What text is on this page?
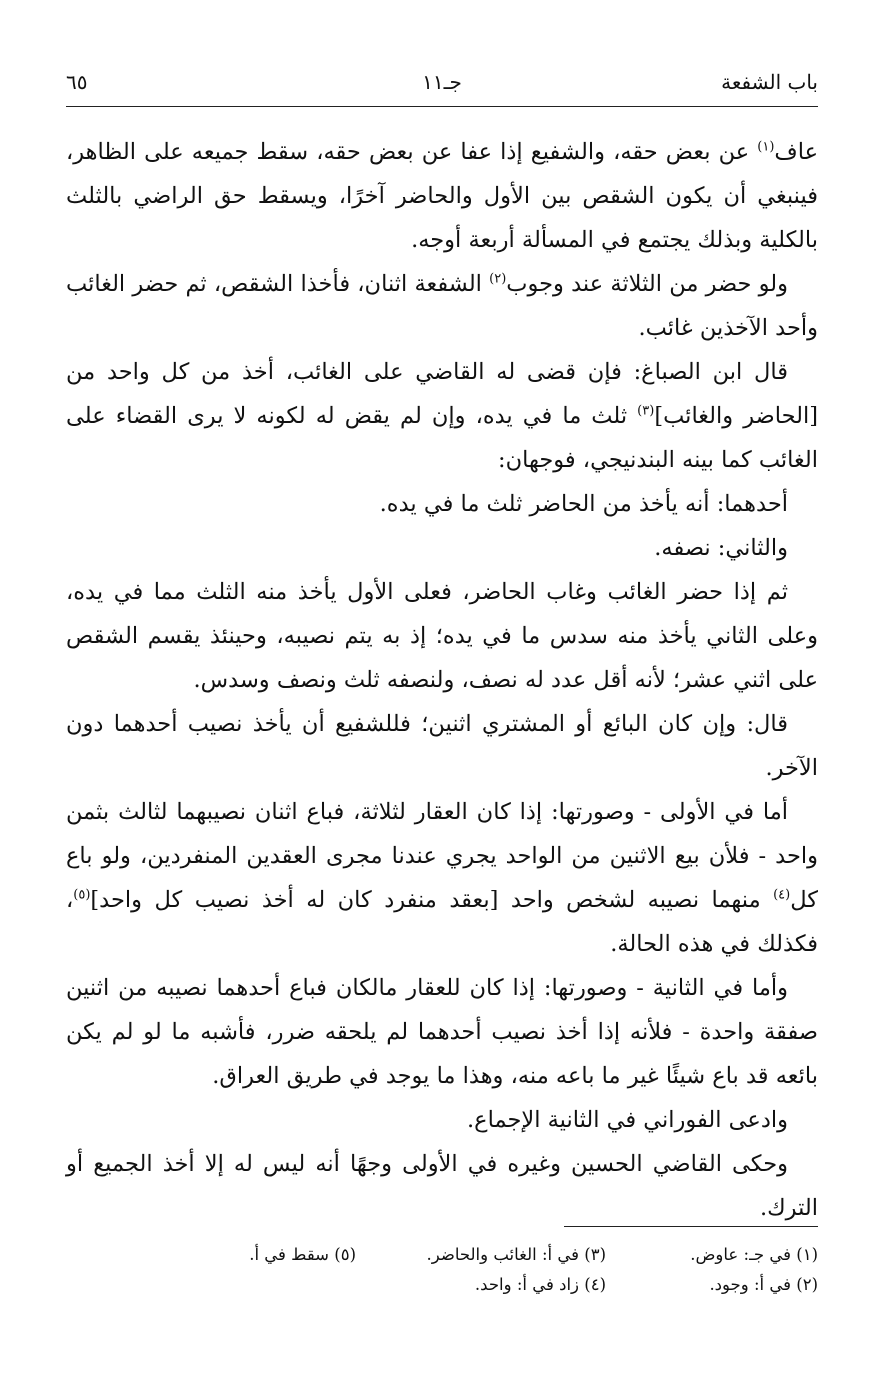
باب الشفعة
جـ١١
٦٥

عاف$^{(١)}$ عن بعض حقه، والشفيع إذا عفا عن بعض حقه، سقط جميعه على الظاهر، فينبغي أن يكون الشقص بين الأول والحاضر آخرًا، ويسقط حق الراضي بالثلث بالكلية وبذلك يجتمع في المسألة أربعة أوجه.

ولو حضر من الثلاثة عند وجوب$^{(٢)}$ الشفعة اثنان، فأخذا الشقص، ثم حضر الغائب وأحد الآخذين غائب.

قال ابن الصباغ: فإن قضى له القاضي على الغائب، أخذ من كل واحد من [الحاضر والغائب]$^{(٣)}$ ثلث ما في يده، وإن لم يقض له لكونه لا يرى القضاء على الغائب كما بينه البندنيجي، فوجهان:

أحدهما: أنه يأخذ من الحاضر ثلث ما في يده.

والثاني: نصفه.

ثم إذا حضر الغائب وغاب الحاضر، فعلى الأول يأخذ منه الثلث مما في يده، وعلى الثاني يأخذ منه سدس ما في يده؛ إذ به يتم نصيبه، وحينئذ يقسم الشقص على اثني عشر؛ لأنه أقل عدد له نصف، ولنصفه ثلث ونصف وسدس.

قال: وإن كان البائع أو المشتري اثنين؛ فللشفيع أن يأخذ نصيب أحدهما دون الآخر.

أما في الأولى - وصورتها: إذا كان العقار لثلاثة، فباع اثنان نصيبهما لثالث بثمن واحد - فلأن بيع الاثنين من الواحد يجري عندنا مجرى العقدين المنفردين، ولو باع كل$^{(٤)}$ منهما نصيبه لشخص واحد [بعقد منفرد كان له أخذ نصيب كل واحد]$^{(٥)}$، فكذلك في هذه الحالة.

وأما في الثانية - وصورتها: إذا كان للعقار مالكان فباع أحدهما نصيبه من اثنين صفقة واحدة - فلأنه إذا أخذ نصيب أحدهما لم يلحقه ضرر، فأشبه ما لو لم يكن بائعه قد باع شيئًا غير ما باعه منه، وهذا ما يوجد في طريق العراق.

وادعى الفوراني في الثانية الإجماع.

وحكى القاضي الحسين وغيره في الأولى وجهًا أنه ليس له إلا أخذ الجميع أو الترك.

(١) في جـ: عاوض.
(٣) في أ: الغائب والحاضر.
(٥) سقط في أ.
(٢) في أ: وجود.
(٤) زاد في أ: واحد.
